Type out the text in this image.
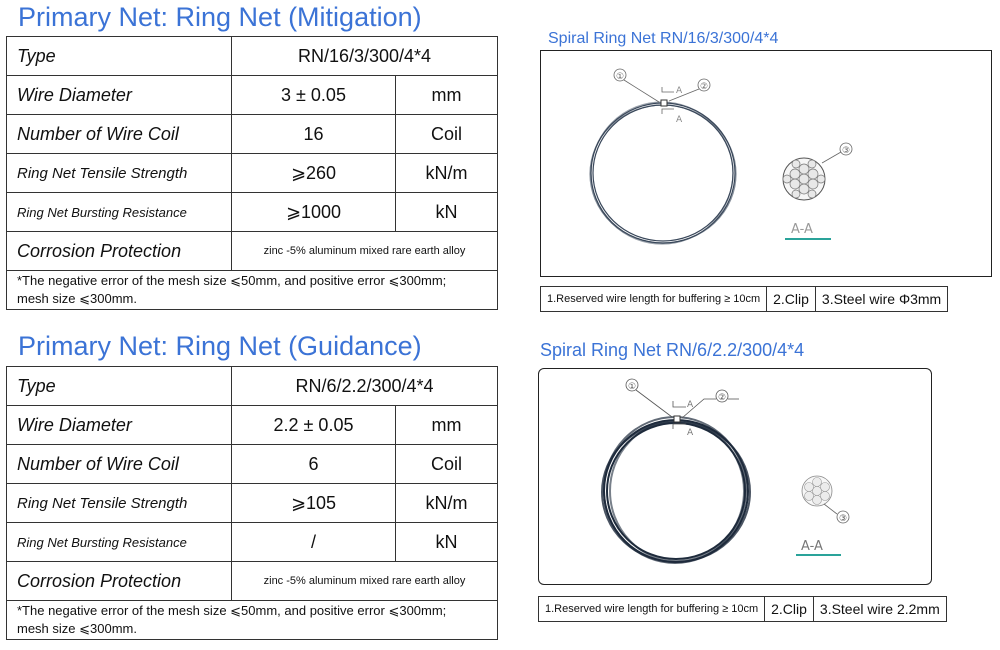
Primary Net: Ring Net (Mitigation)
Type	RN/16/3/300/4*4	
Wire Diameter	3 ± 0.05	mm
Number of Wire Coil	16	Coil
Ring Net Tensile Strength	⩾260	kN/m
Ring Net Bursting Resistance	⩾1000	kN
Corrosion Protection	zinc -5% aluminum mixed rare earth alloy	

*The negative error of the mesh size ⩽50mm, and positive error ⩽300mm;
mesh size ⩽300mm.		
Spiral Ring Net RN/16/3/300/4*4
①
②
A
A
③
A-A
1.Reserved wire length for buffering ≥ 10cm	2.Clip	3.Steel wire Φ3mm
Primary Net: Ring Net (Guidance)
Type	RN/6/2.2/300/4*4	
Wire Diameter	2.2 ± 0.05	mm
Number of Wire Coil	6	Coil
Ring Net Tensile Strength	⩾105	kN/m
Ring Net Bursting Resistance	/	kN
Corrosion Protection	zinc -5% aluminum mixed rare earth alloy	

*The negative error of the mesh size ⩽50mm, and positive error ⩽300mm;
mesh size ⩽300mm.		
Spiral Ring Net RN/6/2.2/300/4*4
①
②
A
A
③
A-A
1.Reserved wire length for buffering ≥ 10cm	2.Clip	3.Steel wire 2.2mm
